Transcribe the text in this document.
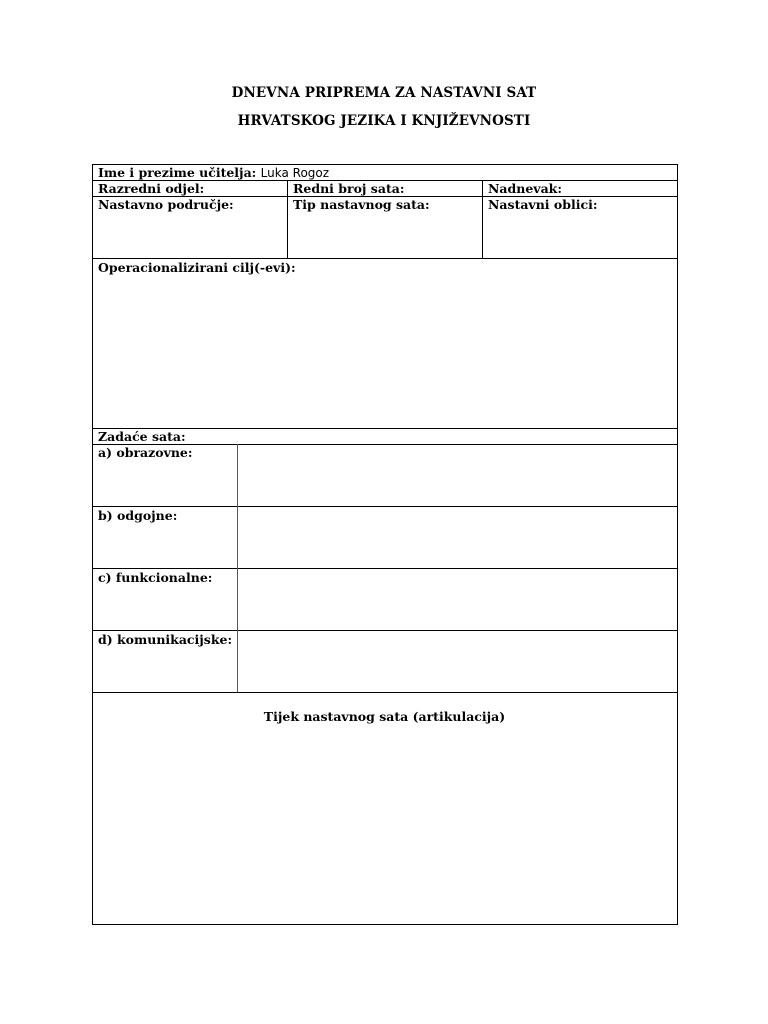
DNEVNA PRIPREMA ZA NASTAVNI SAT
HRVATSKOG JEZIKA I KNJIŽEVNOSTI
Ime i prezime učitelja: Luka Rogoz
Razredni odjel:	Redni broj sata:	Nadnevak:
Nastavno područje:	Tip nastavnog sata:	Nastavni oblici:
Operacionalizirani cilj(-evi):
Zadaće sata:
a) obrazovne:
b) odgojne:
c) funkcionalne:
d) komunikacijske:
Tijek nastavnog sata (artikulacija)
